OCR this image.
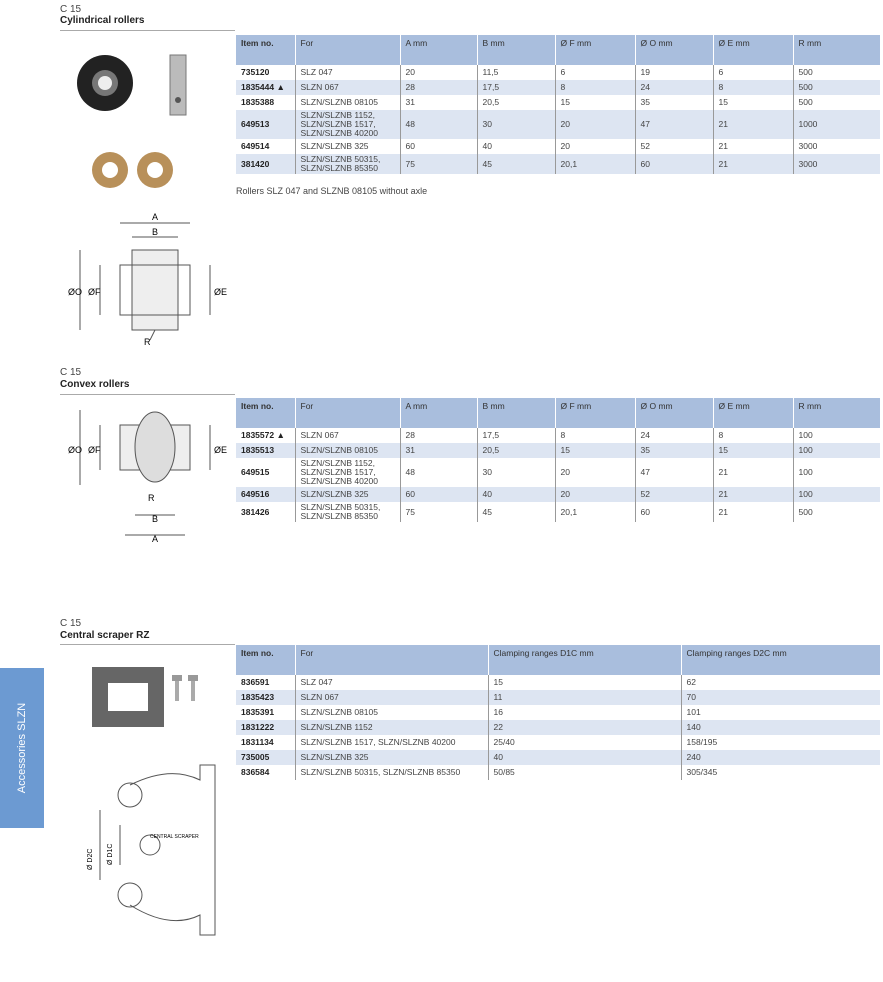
C 15
Cylindrical rollers
Item no.	For	A mm	B mm	Ø F mm	Ø O mm	Ø E mm	R mm
735120	SLZ 047	20	11,5	6	19	6	500
1835444 ▲	SLZN 067	28	17,5	8	24	8	500
1835388	SLZN/SLZNB 08105	31	20,5	15	35	15	500
649513	SLZN/SLZNB 1152, SLZN/SLZNB 1517, SLZN/SLZNB 40200	48	30	20	47	21	1000
649514	SLZN/SLZNB 325	60	40	20	52	21	3000
381420	SLZN/SLZNB 50315, SLZN/SLZNB 85350	75	45	20,1	60	21	3000
Rollers SLZ 047 and SLZNB 08105 without axle
A
B
ØO ØF	ØE
R
C 15
Convex rollers
Item no.	For	A mm	B mm	Ø F mm	Ø O mm	Ø E mm	R mm
1835572 ▲	SLZN 067	28	17,5	8	24	8	100
1835513	SLZN/SLZNB 08105	31	20,5	15	35	15	100
649515	SLZN/SLZNB 1152, SLZN/SLZNB 1517, SLZN/SLZNB 40200	48	30	20	47	21	100
649516	SLZN/SLZNB 325	60	40	20	52	21	100
381426	SLZN/SLZNB 50315, SLZN/SLZNB 85350	75	45	20,1	60	21	500
ØO ØF	ØE
R
B
A
C 15
Central scraper RZ
Item no.	For	Clamping ranges D1C mm	Clamping ranges D2C mm
836591	SLZ 047	15	62
1835423	SLZN 067	11	70
1835391	SLZN/SLZNB 08105	16	101
1831222	SLZN/SLZNB 1152	22	140
1831134	SLZN/SLZNB 1517, SLZN/SLZNB 40200	25/40	158/195
735005	SLZN/SLZNB 325	40	240
836584	SLZN/SLZNB 50315, SLZN/SLZNB 85350	50/85	305/345
Ø D2C Ø D1C
CENTRAL SCRAPER
Accessories SLZN
